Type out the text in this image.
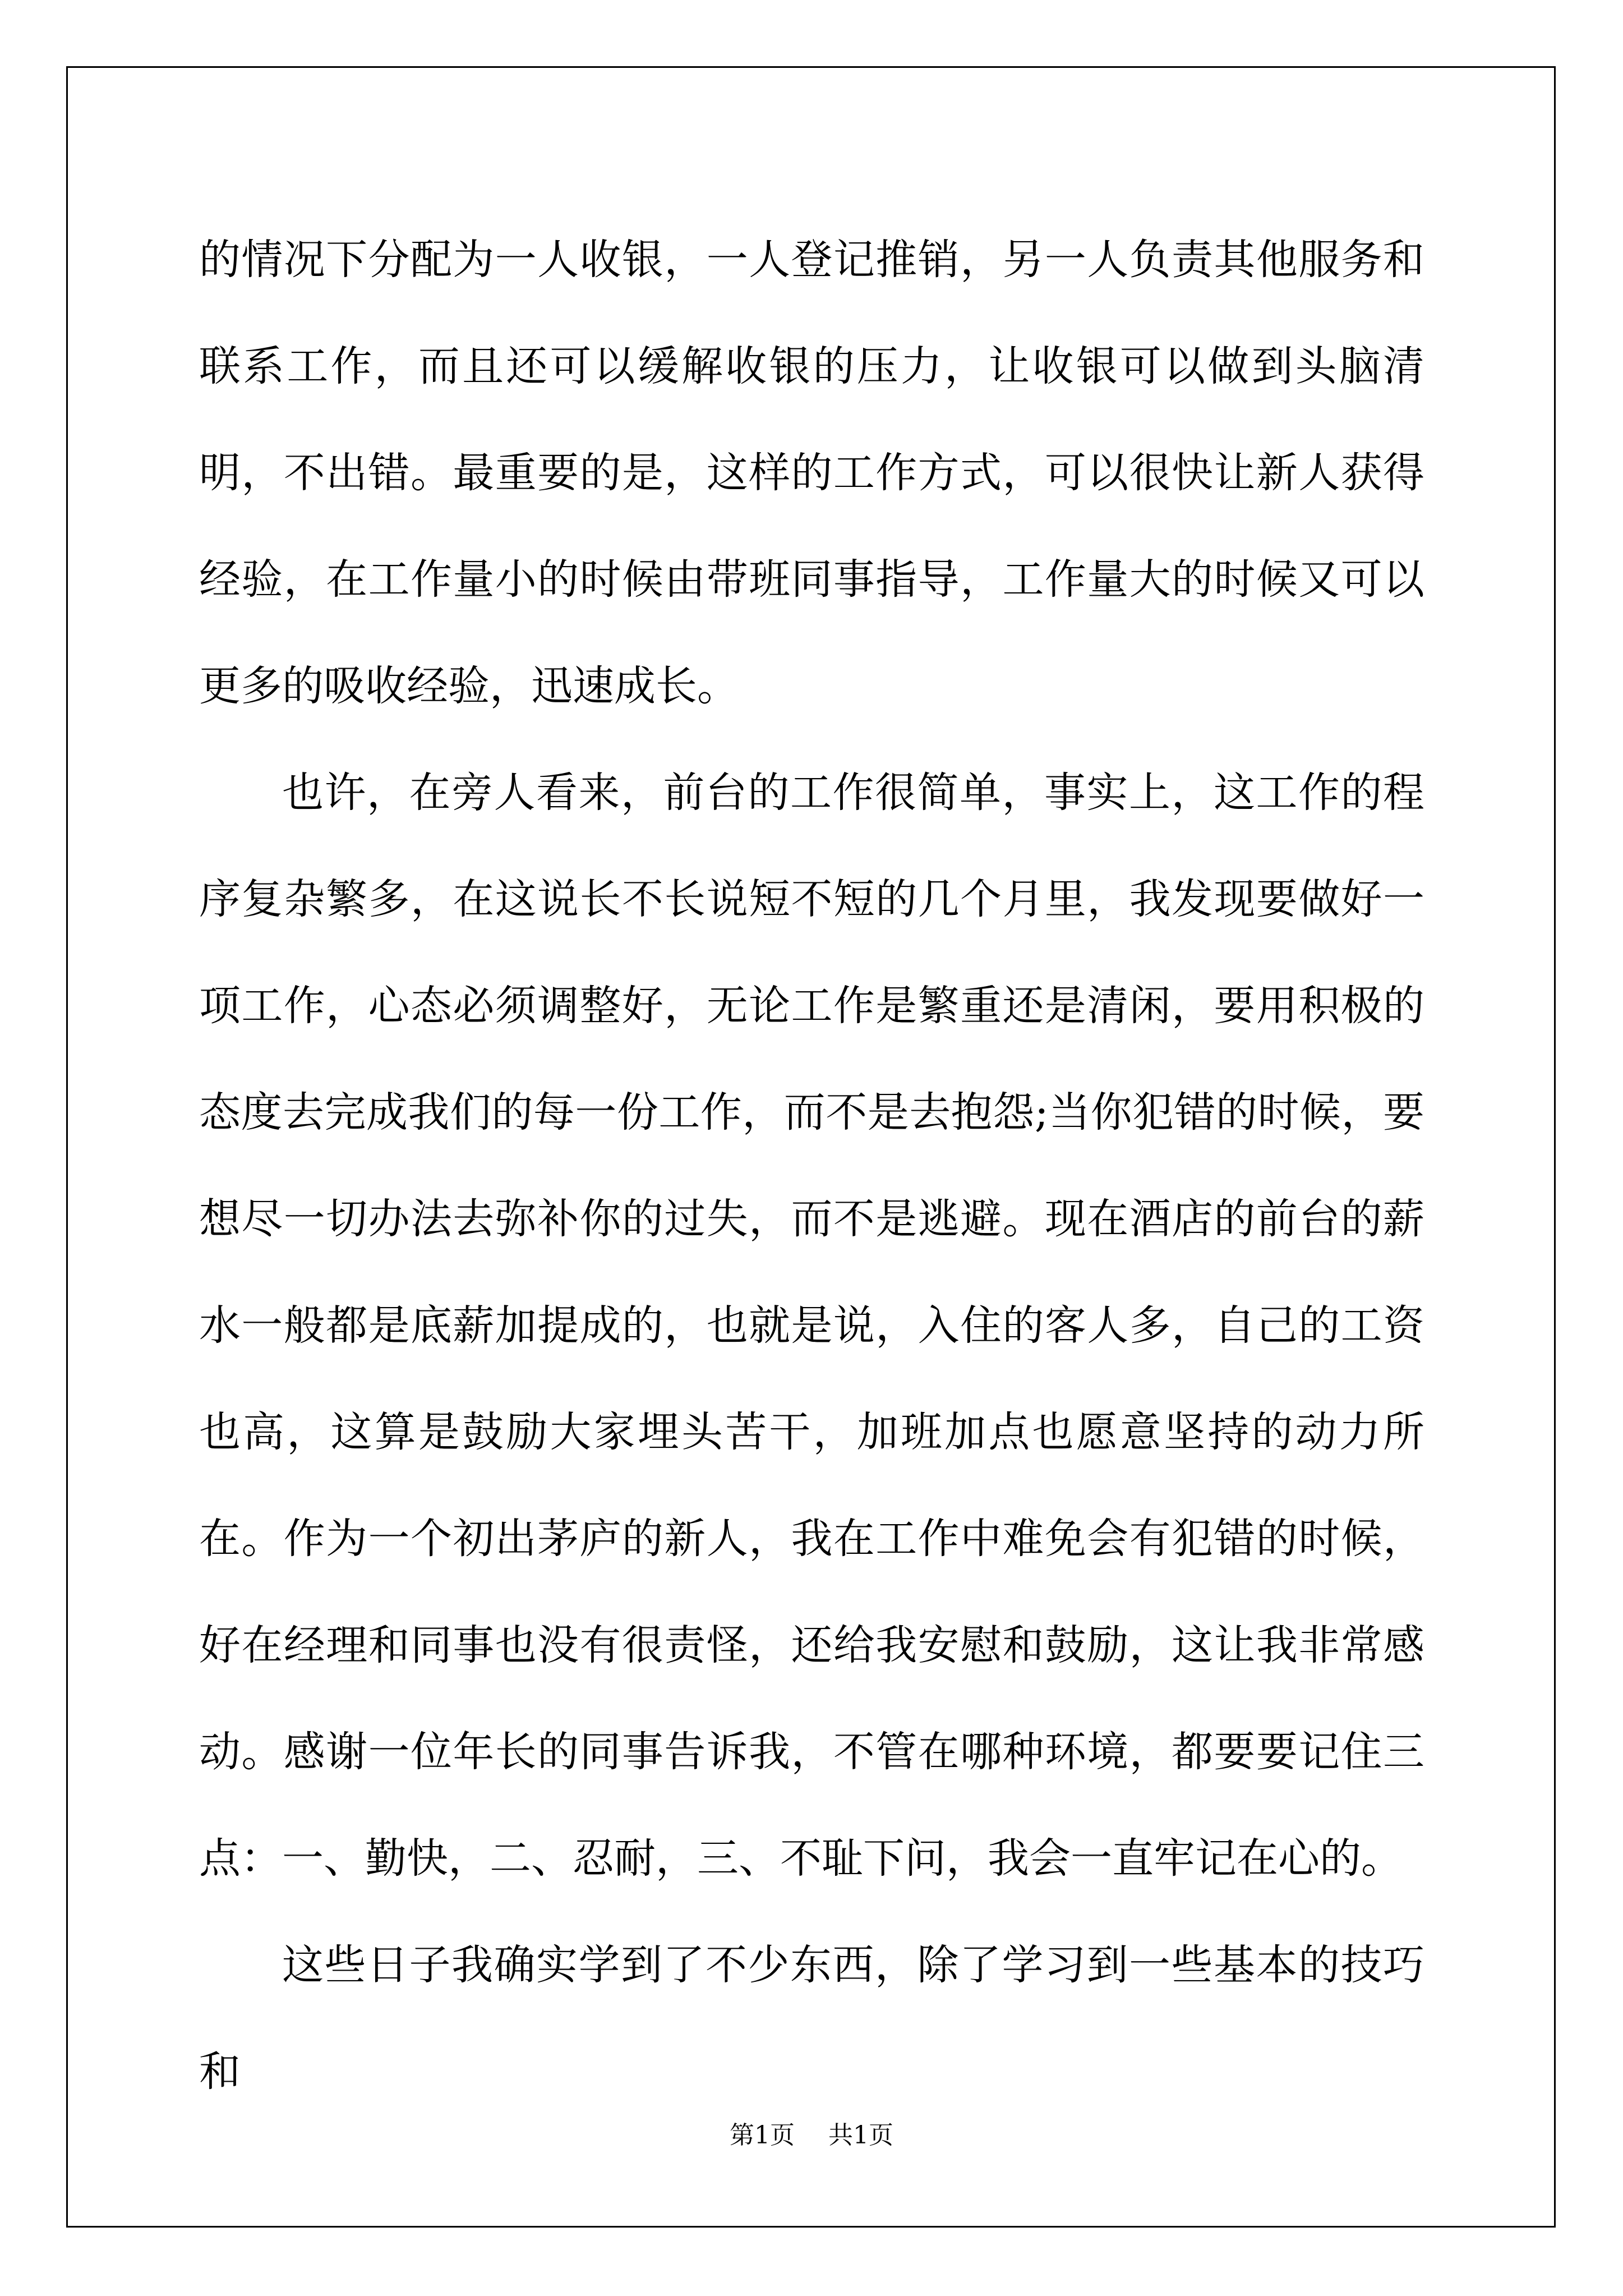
的情况下分配为一人收银，一人登记推销，另一人负责其他服务和联系工作，而且还可以缓解收银的压力，让收银可以做到头脑清明，不出错。最重要的是，这样的工作方式，可以很快让新人获得经验，在工作量小的时候由带班同事指导，工作量大的时候又可以更多的吸收经验，迅速成长。

也许，在旁人看来，前台的工作很简单，事实上，这工作的程序复杂繁多，在这说长不长说短不短的几个月里，我发现要做好一项工作，心态必须调整好，无论工作是繁重还是清闲，要用积极的态度去完成我们的每一份工作，而不是去抱怨;当你犯错的时候，要想尽一切办法去弥补你的过失，而不是逃避。现在酒店的前台的薪水一般都是底薪加提成的，也就是说，入住的客人多，自己的工资也高，这算是鼓励大家埋头苦干，加班加点也愿意坚持的动力所在。作为一个初出茅庐的新人，我在工作中难免会有犯错的时候，好在经理和同事也没有很责怪，还给我安慰和鼓励，这让我非常感动。感谢一位年长的同事告诉我，不管在哪种环境，都要要记住三点：一、勤快，二、忍耐，三、不耻下问，我会一直牢记在心的。

这些日子我确实学到了不少东西，除了学习到一些基本的技巧和

第1页 共1页
